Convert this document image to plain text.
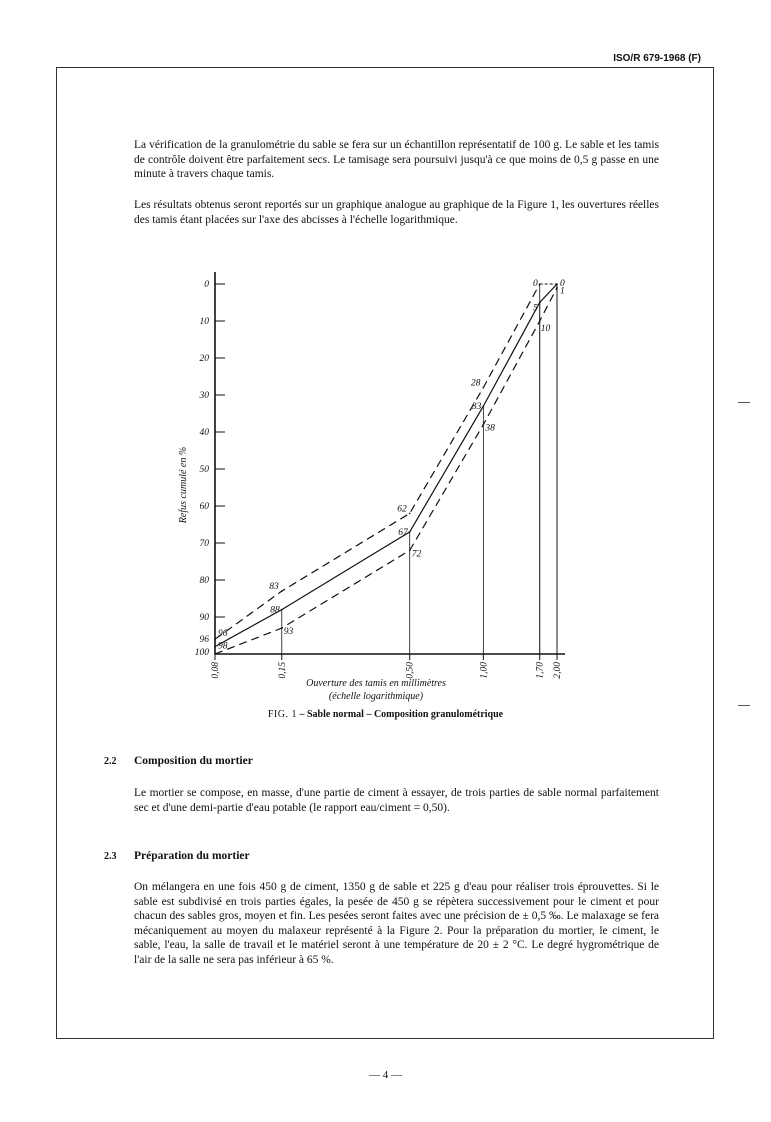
ISO/R 679-1968 (F)

La vérification de la granulométrie du sable se fera sur un échantillon représentatif de 100 g. Le sable et les tamis de contrôle doivent être parfaitement secs. Le tamisage sera poursuivi jusqu'à ce que moins de 0,5 g passe en une minute à travers chaque tamis.

Les résultats obtenus seront reportés sur un graphique analogue au graphique de la Figure 1, les ouvertures réelles des tamis étant placées sur l'axe des abcisses à l'échelle logarithmique.

0
10
20
30
40
50
60
70
80
90
96
100
0,08	0,15	0,50	1,00	1,70 2,00
96
83
62
28
0
98
88
67
33
5
0
93
72
38
10
1
Refus cumulé en %
Ouverture des tamis en millimètres
(échelle logarithmique)
FIG. 1 – Sable normal – Composition granulométrique
2.2 Composition du mortier

Le mortier se compose, en masse, d'une partie de ciment à essayer, de trois parties de sable normal parfaitement sec et d'une demi-partie d'eau potable (le rapport eau/ciment = 0,50).

2.3 Préparation du mortier

On mélangera en une fois 450 g de ciment, 1350 g de sable et 225 g d'eau pour réaliser trois éprouvettes. Si le sable est subdivisé en trois parties égales, la pesée de 450 g se répètera successivement pour le ciment et pour chacun des sables gros, moyen et fin. Les pesées seront faites avec une précision de ± 0,5 ‰. Le malaxage se fera mécaniquement au moyen du malaxeur représenté à la Figure 2. Pour la préparation du mortier, le ciment, le sable, l'eau, la salle de travail et le matériel seront à une température de 20 ± 2 °C. Le degré hygrométrique de l'air de la salle ne sera pas inférieur à 65 %.

— 4 —
